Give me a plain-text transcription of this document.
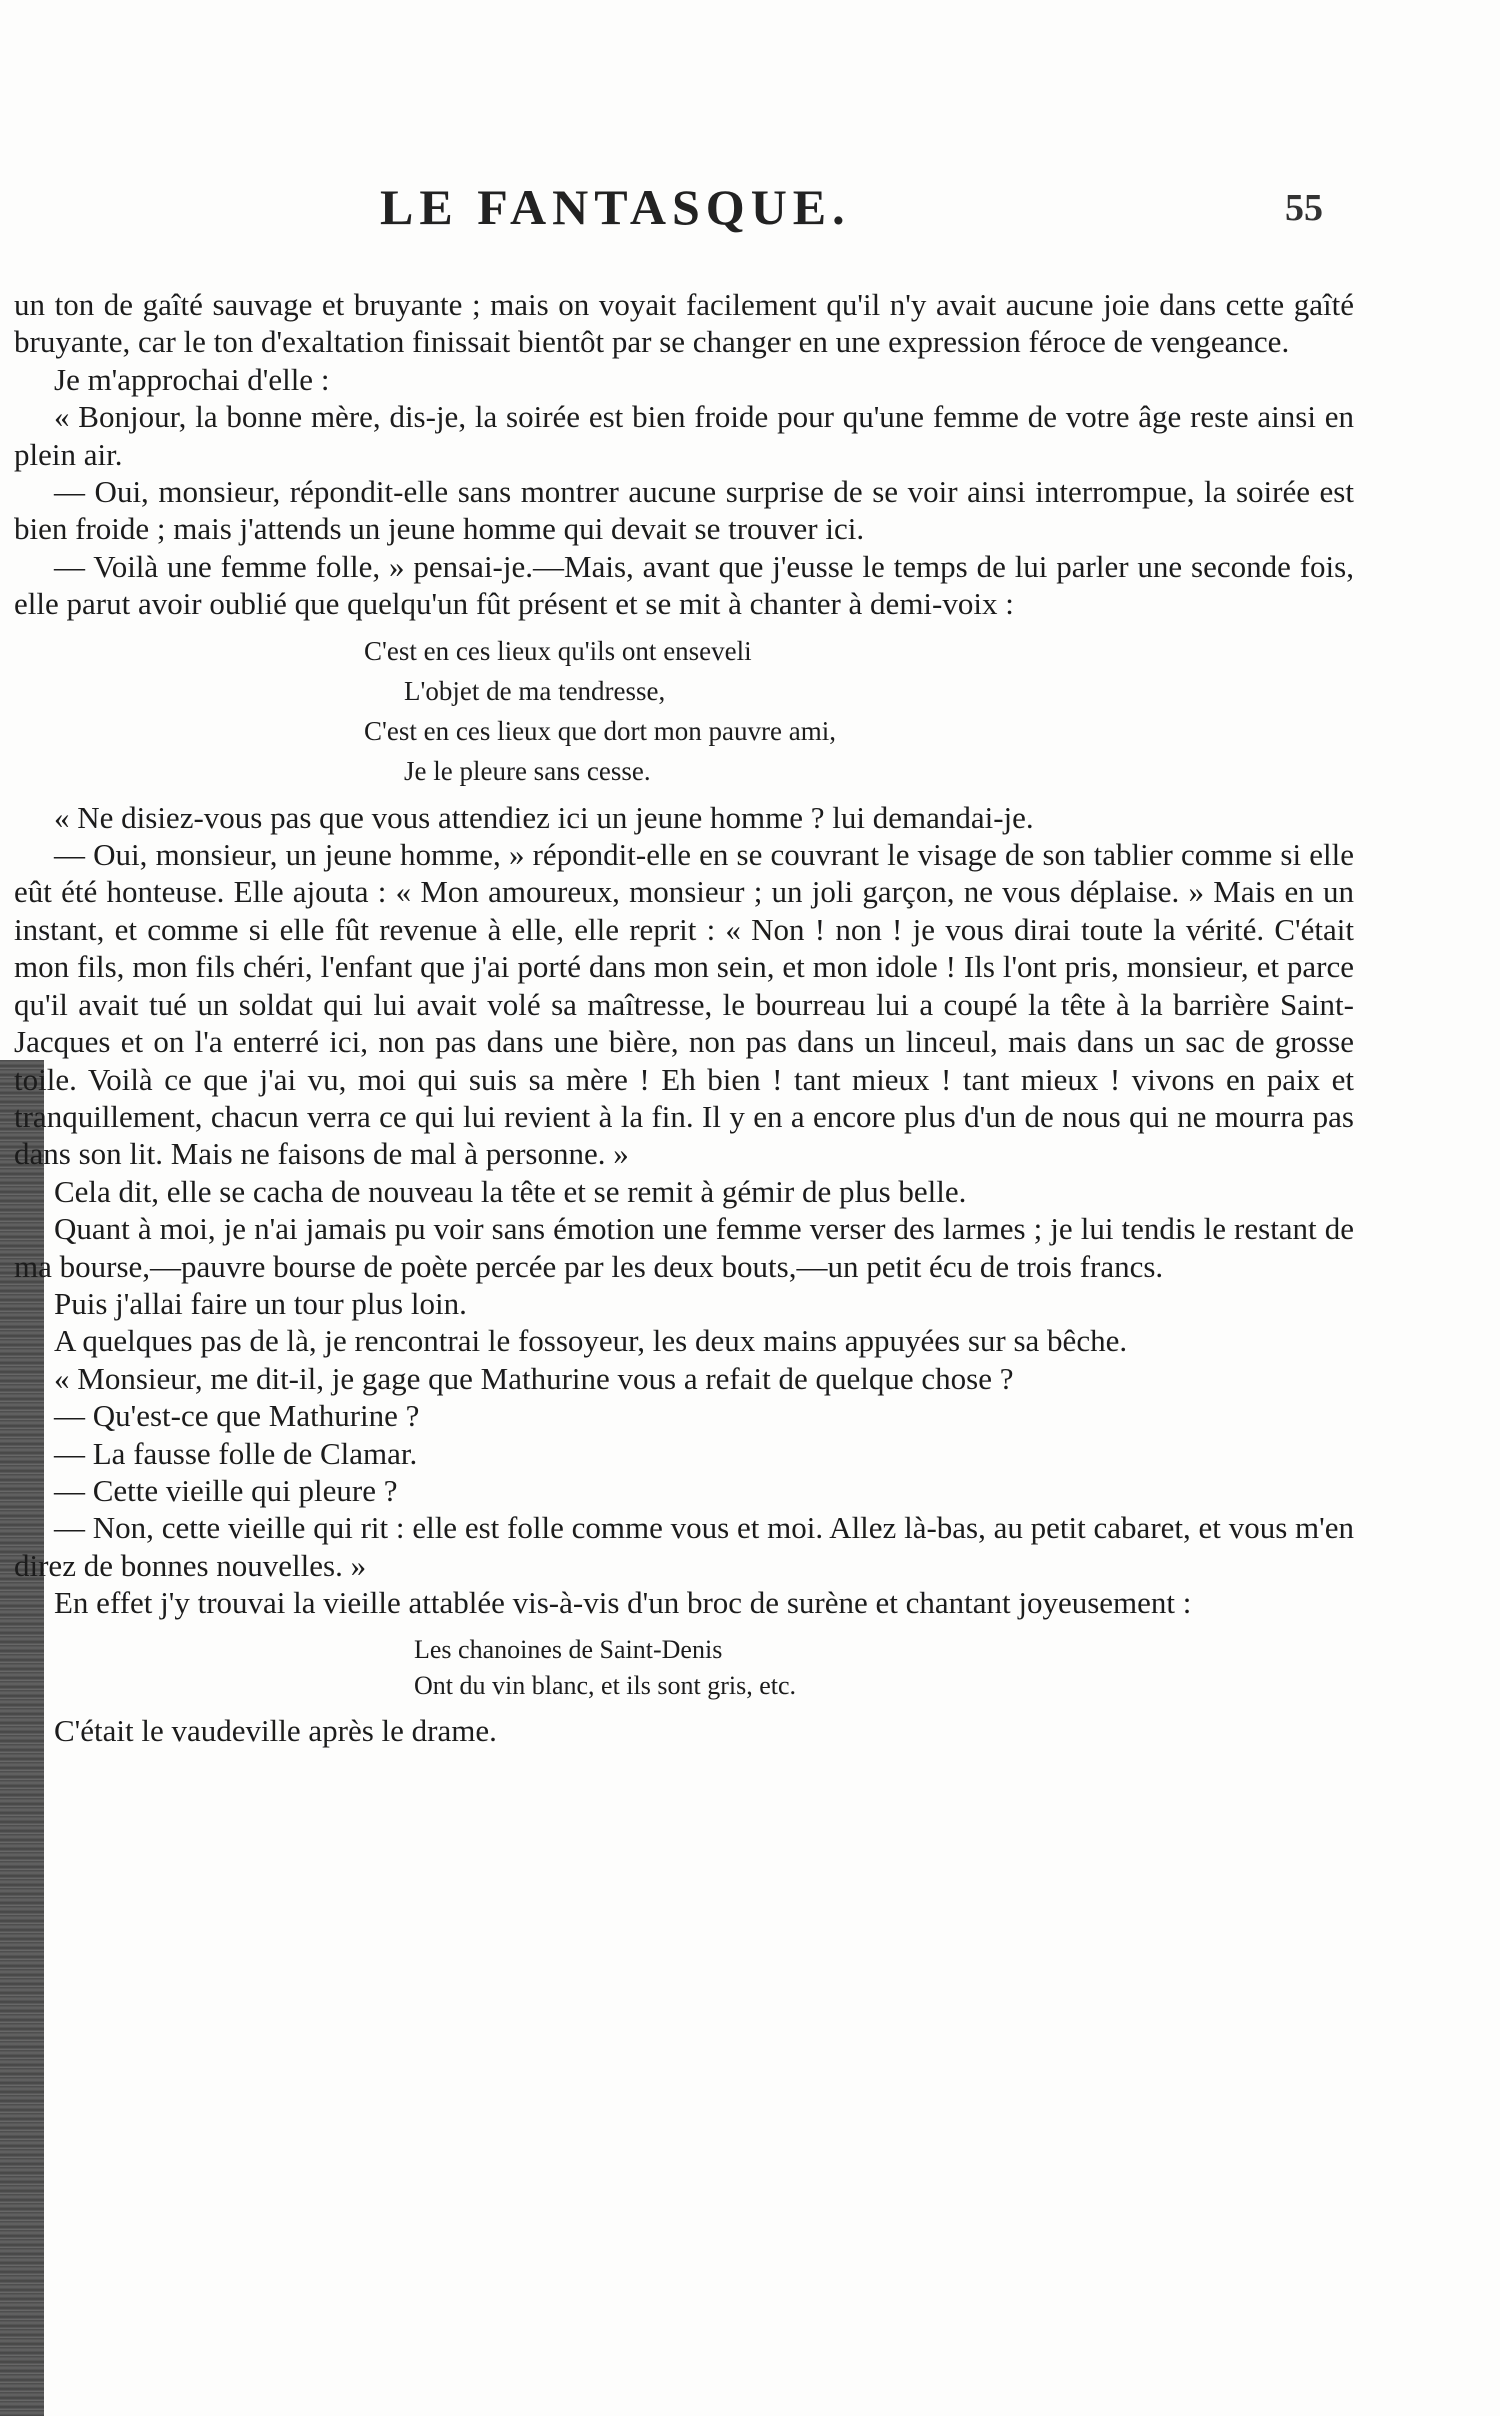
LE FANTASQUE.	55

un ton de gaîté sauvage et bruyante ; mais on voyait facilement qu'il n'y avait aucune joie dans cette gaîté bruyante, car le ton d'exaltation finissait bientôt par se changer en une expression féroce de vengeance.

Je m'approchai d'elle :

« Bonjour, la bonne mère, dis-je, la soirée est bien froide pour qu'une femme de votre âge reste ainsi en plein air.

— Oui, monsieur, répondit-elle sans montrer aucune surprise de se voir ainsi interrompue, la soirée est bien froide ; mais j'attends un jeune homme qui devait se trouver ici.

— Voilà une femme folle, » pensai-je.—Mais, avant que j'eusse le temps de lui parler une seconde fois, elle parut avoir oublié que quelqu'un fût présent et se mit à chanter à demi-voix :

C'est en ces lieux qu'ils ont enseveli
L'objet de ma tendresse,
C'est en ces lieux que dort mon pauvre ami,
Je le pleure sans cesse.

« Ne disiez-vous pas que vous attendiez ici un jeune homme ? lui demandai-je.

— Oui, monsieur, un jeune homme, » répondit-elle en se couvrant le visage de son tablier comme si elle eût été honteuse. Elle ajouta : « Mon amoureux, monsieur ; un joli garçon, ne vous déplaise. » Mais en un instant, et comme si elle fût revenue à elle, elle reprit : « Non ! non ! je vous dirai toute la vérité. C'était mon fils, mon fils chéri, l'enfant que j'ai porté dans mon sein, et mon idole ! Ils l'ont pris, monsieur, et parce qu'il avait tué un soldat qui lui avait volé sa maîtresse, le bourreau lui a coupé la tête à la barrière Saint-Jacques et on l'a enterré ici, non pas dans une bière, non pas dans un linceul, mais dans un sac de grosse toile. Voilà ce que j'ai vu, moi qui suis sa mère ! Eh bien ! tant mieux ! tant mieux ! vivons en paix et tranquillement, chacun verra ce qui lui revient à la fin. Il y en a encore plus d'un de nous qui ne mourra pas dans son lit. Mais ne faisons de mal à personne. »

Cela dit, elle se cacha de nouveau la tête et se remit à gémir de plus belle.

Quant à moi, je n'ai jamais pu voir sans émotion une femme verser des larmes ; je lui tendis le restant de ma bourse,—pauvre bourse de poète percée par les deux bouts,—un petit écu de trois francs.

Puis j'allai faire un tour plus loin.

A quelques pas de là, je rencontrai le fossoyeur, les deux mains appuyées sur sa bêche.

« Monsieur, me dit-il, je gage que Mathurine vous a refait de quelque chose ?

— Qu'est-ce que Mathurine ?

— La fausse folle de Clamar.

— Cette vieille qui pleure ?

— Non, cette vieille qui rit : elle est folle comme vous et moi. Allez là-bas, au petit cabaret, et vous m'en direz de bonnes nouvelles. »

En effet j'y trouvai la vieille attablée vis-à-vis d'un broc de surène et chantant joyeusement :

Les chanoines de Saint-Denis
Ont du vin blanc, et ils sont gris, etc.

C'était le vaudeville après le drame.
